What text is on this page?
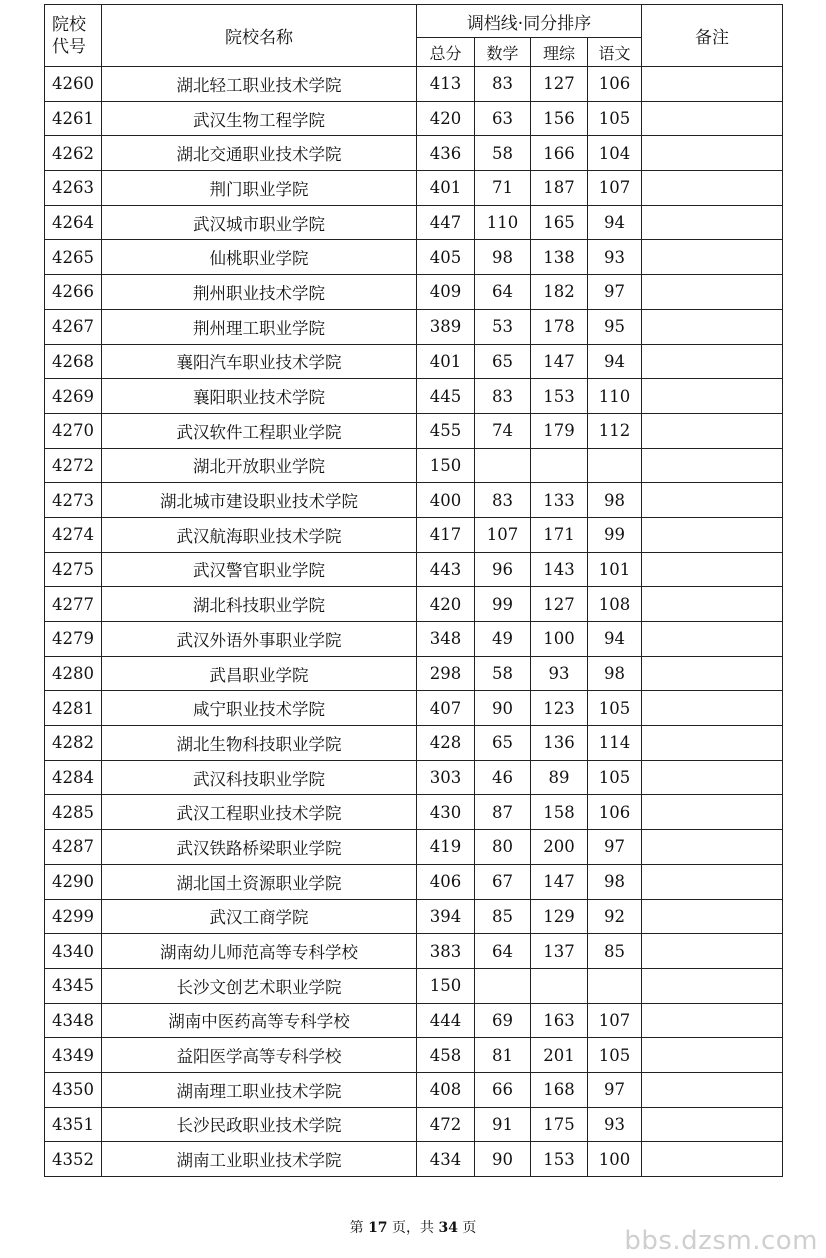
院校代号	院校名称	调档线·同分排序				备注
		总分	数学	理综	语文	
4260	湖北轻工职业技术学院	413	83	127	106	
4261	武汉生物工程学院	420	63	156	105	
4262	湖北交通职业技术学院	436	58	166	104	
4263	荆门职业学院	401	71	187	107	
4264	武汉城市职业学院	447	110	165	94	
4265	仙桃职业学院	405	98	138	93	
4266	荆州职业技术学院	409	64	182	97	
4267	荆州理工职业学院	389	53	178	95	
4268	襄阳汽车职业技术学院	401	65	147	94	
4269	襄阳职业技术学院	445	83	153	110	
4270	武汉软件工程职业学院	455	74	179	112	
4272	湖北开放职业学院	150				
4273	湖北城市建设职业技术学院	400	83	133	98	
4274	武汉航海职业技术学院	417	107	171	99	
4275	武汉警官职业学院	443	96	143	101	
4277	湖北科技职业学院	420	99	127	108	
4279	武汉外语外事职业学院	348	49	100	94	
4280	武昌职业学院	298	58	93	98	
4281	咸宁职业技术学院	407	90	123	105	
4282	湖北生物科技职业学院	428	65	136	114	
4284	武汉科技职业学院	303	46	89	105	
4285	武汉工程职业技术学院	430	87	158	106	
4287	武汉铁路桥梁职业学院	419	80	200	97	
4290	湖北国土资源职业学院	406	67	147	98	
4299	武汉工商学院	394	85	129	92	
4340	湖南幼儿师范高等专科学校	383	64	137	85	
4345	长沙文创艺术职业学院	150				
4348	湖南中医药高等专科学校	444	69	163	107	
4349	益阳医学高等专科学校	458	81	201	105	
4350	湖南理工职业技术学院	408	66	168	97	
4351	长沙民政职业技术学院	472	91	175	93	
4352	湖南工业职业技术学院	434	90	153	100	
第 17 页，共 34 页	bbs.dzsm.com
